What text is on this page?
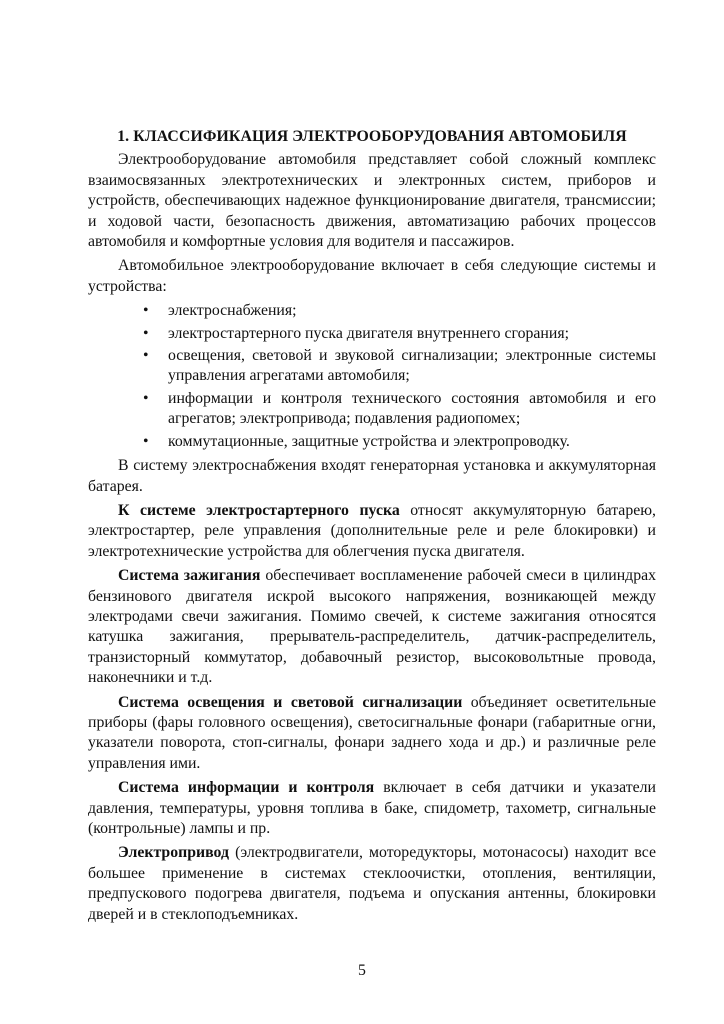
1. КЛАССИФИКАЦИЯ ЭЛЕКТРООБОРУДОВАНИЯ АВТОМОБИЛЯ

Электрооборудование автомобиля представляет собой сложный комплекс взаимосвязанных электротехнических и электронных систем, приборов и устройств, обеспечивающих надежное функционирование двигателя, трансмиссии; и ходовой части, безопасность движения, автоматизацию рабочих процессов автомобиля и комфортные условия для водителя и пассажиров.

Автомобильное электрооборудование включает в себя следующие системы и устройства:

• электроснабжения;
• электростартерного пуска двигателя внутреннего сгорания;
• освещения, световой и звуковой сигнализации; электронные системы управления агрегатами автомобиля;
• информации и контроля технического состояния автомобиля и его агрегатов; электропривода; подавления радиопомех;
• коммутационные, защитные устройства и электропроводку.

В систему электроснабжения входят генераторная установка и аккумуляторная батарея.

К системе электростартерного пуска относят аккумуляторную батарею, электростартер, реле управления (дополнительные реле и реле блокировки) и электротехнические устройства для облегчения пуска двигателя.

Система зажигания обеспечивает воспламенение рабочей смеси в цилиндрах бензинового двигателя искрой высокого напряжения, возникающей между электродами свечи зажигания. Помимо свечей, к системе зажигания относятся катушка зажигания, прерыватель-распределитель, датчик-распределитель, транзисторный коммутатор, добавочный резистор, высоковольтные провода, наконечники и т.д.

Система освещения и световой сигнализации объединяет осветительные приборы (фары головного освещения), светосигнальные фонари (габаритные огни, указатели поворота, стоп-сигналы, фонари заднего хода и др.) и различные реле управления ими.

Система информации и контроля включает в себя датчики и указатели давления, температуры, уровня топлива в баке, спидометр, тахометр, сигнальные (контрольные) лампы и пр.

Электропривод (электродвигатели, моторедукторы, мотонасосы) находит все большее применение в системах стеклоочистки, отопления, вентиляции, предпускового подогрева двигателя, подъема и опускания антенны, блокировки дверей и в стеклоподъемниках.

5
